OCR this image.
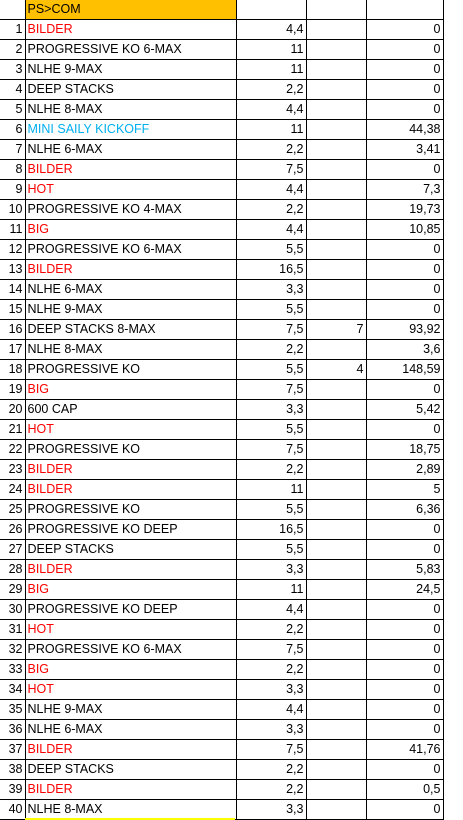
	PS>COM			
1	BILDER	4,4		0
2	PROGRESSIVE KO 6-MAX	11		0
3	NLHE 9-MAX	11		0
4	DEEP STACKS	2,2		0
5	NLHE 8-MAX	4,4		0
6	MINI SAILY KICKOFF	11		44,38
7	NLHE 6-MAX	2,2		3,41
8	BILDER	7,5		0
9	HOT	4,4		7,3
10	PROGRESSIVE KO 4-MAX	2,2		19,73
11	BIG	4,4		10,85
12	PROGRESSIVE KO 6-MAX	5,5		0
13	BILDER	16,5		0
14	NLHE 6-MAX	3,3		0
15	NLHE 9-MAX	5,5		0
16	DEEP STACKS 8-MAX	7,5	7	93,92
17	NLHE 8-MAX	2,2		3,6
18	PROGRESSIVE KO	5,5	4	148,59
19	BIG	7,5		0
20	600 CAP	3,3		5,42
21	HOT	5,5		0
22	PROGRESSIVE KO	7,5		18,75
23	BILDER	2,2		2,89
24	BILDER	11		5
25	PROGRESSIVE KO	5,5		6,36
26	PROGRESSIVE KO DEEP	16,5		0
27	DEEP STACKS	5,5		0
28	BILDER	3,3		5,83
29	BIG	11		24,5
30	PROGRESSIVE KO DEEP	4,4		0
31	HOT	2,2		0
32	PROGRESSIVE KO 6-MAX	7,5		0
33	BIG	2,2		0
34	HOT	3,3		0
35	NLHE 9-MAX	4,4		0
36	NLHE 6-MAX	3,3		0
37	BILDER	7,5		41,76
38	DEEP STACKS	2,2		0
39	BILDER	2,2		0,5
40	NLHE 8-MAX	3,3		0
